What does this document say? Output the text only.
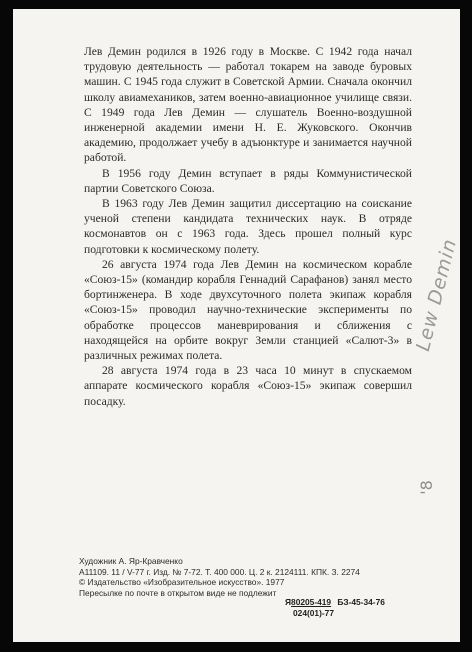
Лев Демин родился в 1926 году в Москве. С 1942 года начал трудовую деятельность — работал токарем на заводе буровых машин. С 1945 года служит в Советской Армии. Сначала окончил школу авиамехаников, затем военно-авиационное училище связи. С 1949 года Лев Демин — слушатель Военно-воздушной инженерной академии имени Н. Е. Жуковского. Окончив академию, продолжает учебу в адъюнктуре и занимается научной работой.

В 1956 году Демин вступает в ряды Коммунистической партии Советского Союза.

В 1963 году Лев Демин защитил диссертацию на соискание ученой степени кандидата технических наук. В отряде космонавтов он с 1963 года. Здесь прошел полный курс подготовки к космическому полету.

26 августа 1974 года Лев Демин на космическом корабле «Союз-15» (командир корабля Геннадий Сарафанов) занял место бортинженера. В ходе двухсуточного полета экипаж корабля «Союз-15» проводил научно-технические эксперименты по обработке процессов маневрирования и сближения с находящейся на орбите вокруг Земли станцией «Салют-3» в различных режимах полета.

28 августа 1974 года в 23 часа 10 минут в спускаемом аппарате космического корабля «Союз-15» экипаж совершил посадку.

Художник А. Яр-Кравченко
А11109. 11 / V-77 г. Изд. № 7-72. Т. 400 000. Ц. 2 к. 2124111. КПК. З. 2274
© Издательство «Изобразительное искусство». 1977
Пересылке по почте в открытом виде не подлежит
Я80205-419 БЗ-45-34-76
024(01)-77
Lew Demin
'8
